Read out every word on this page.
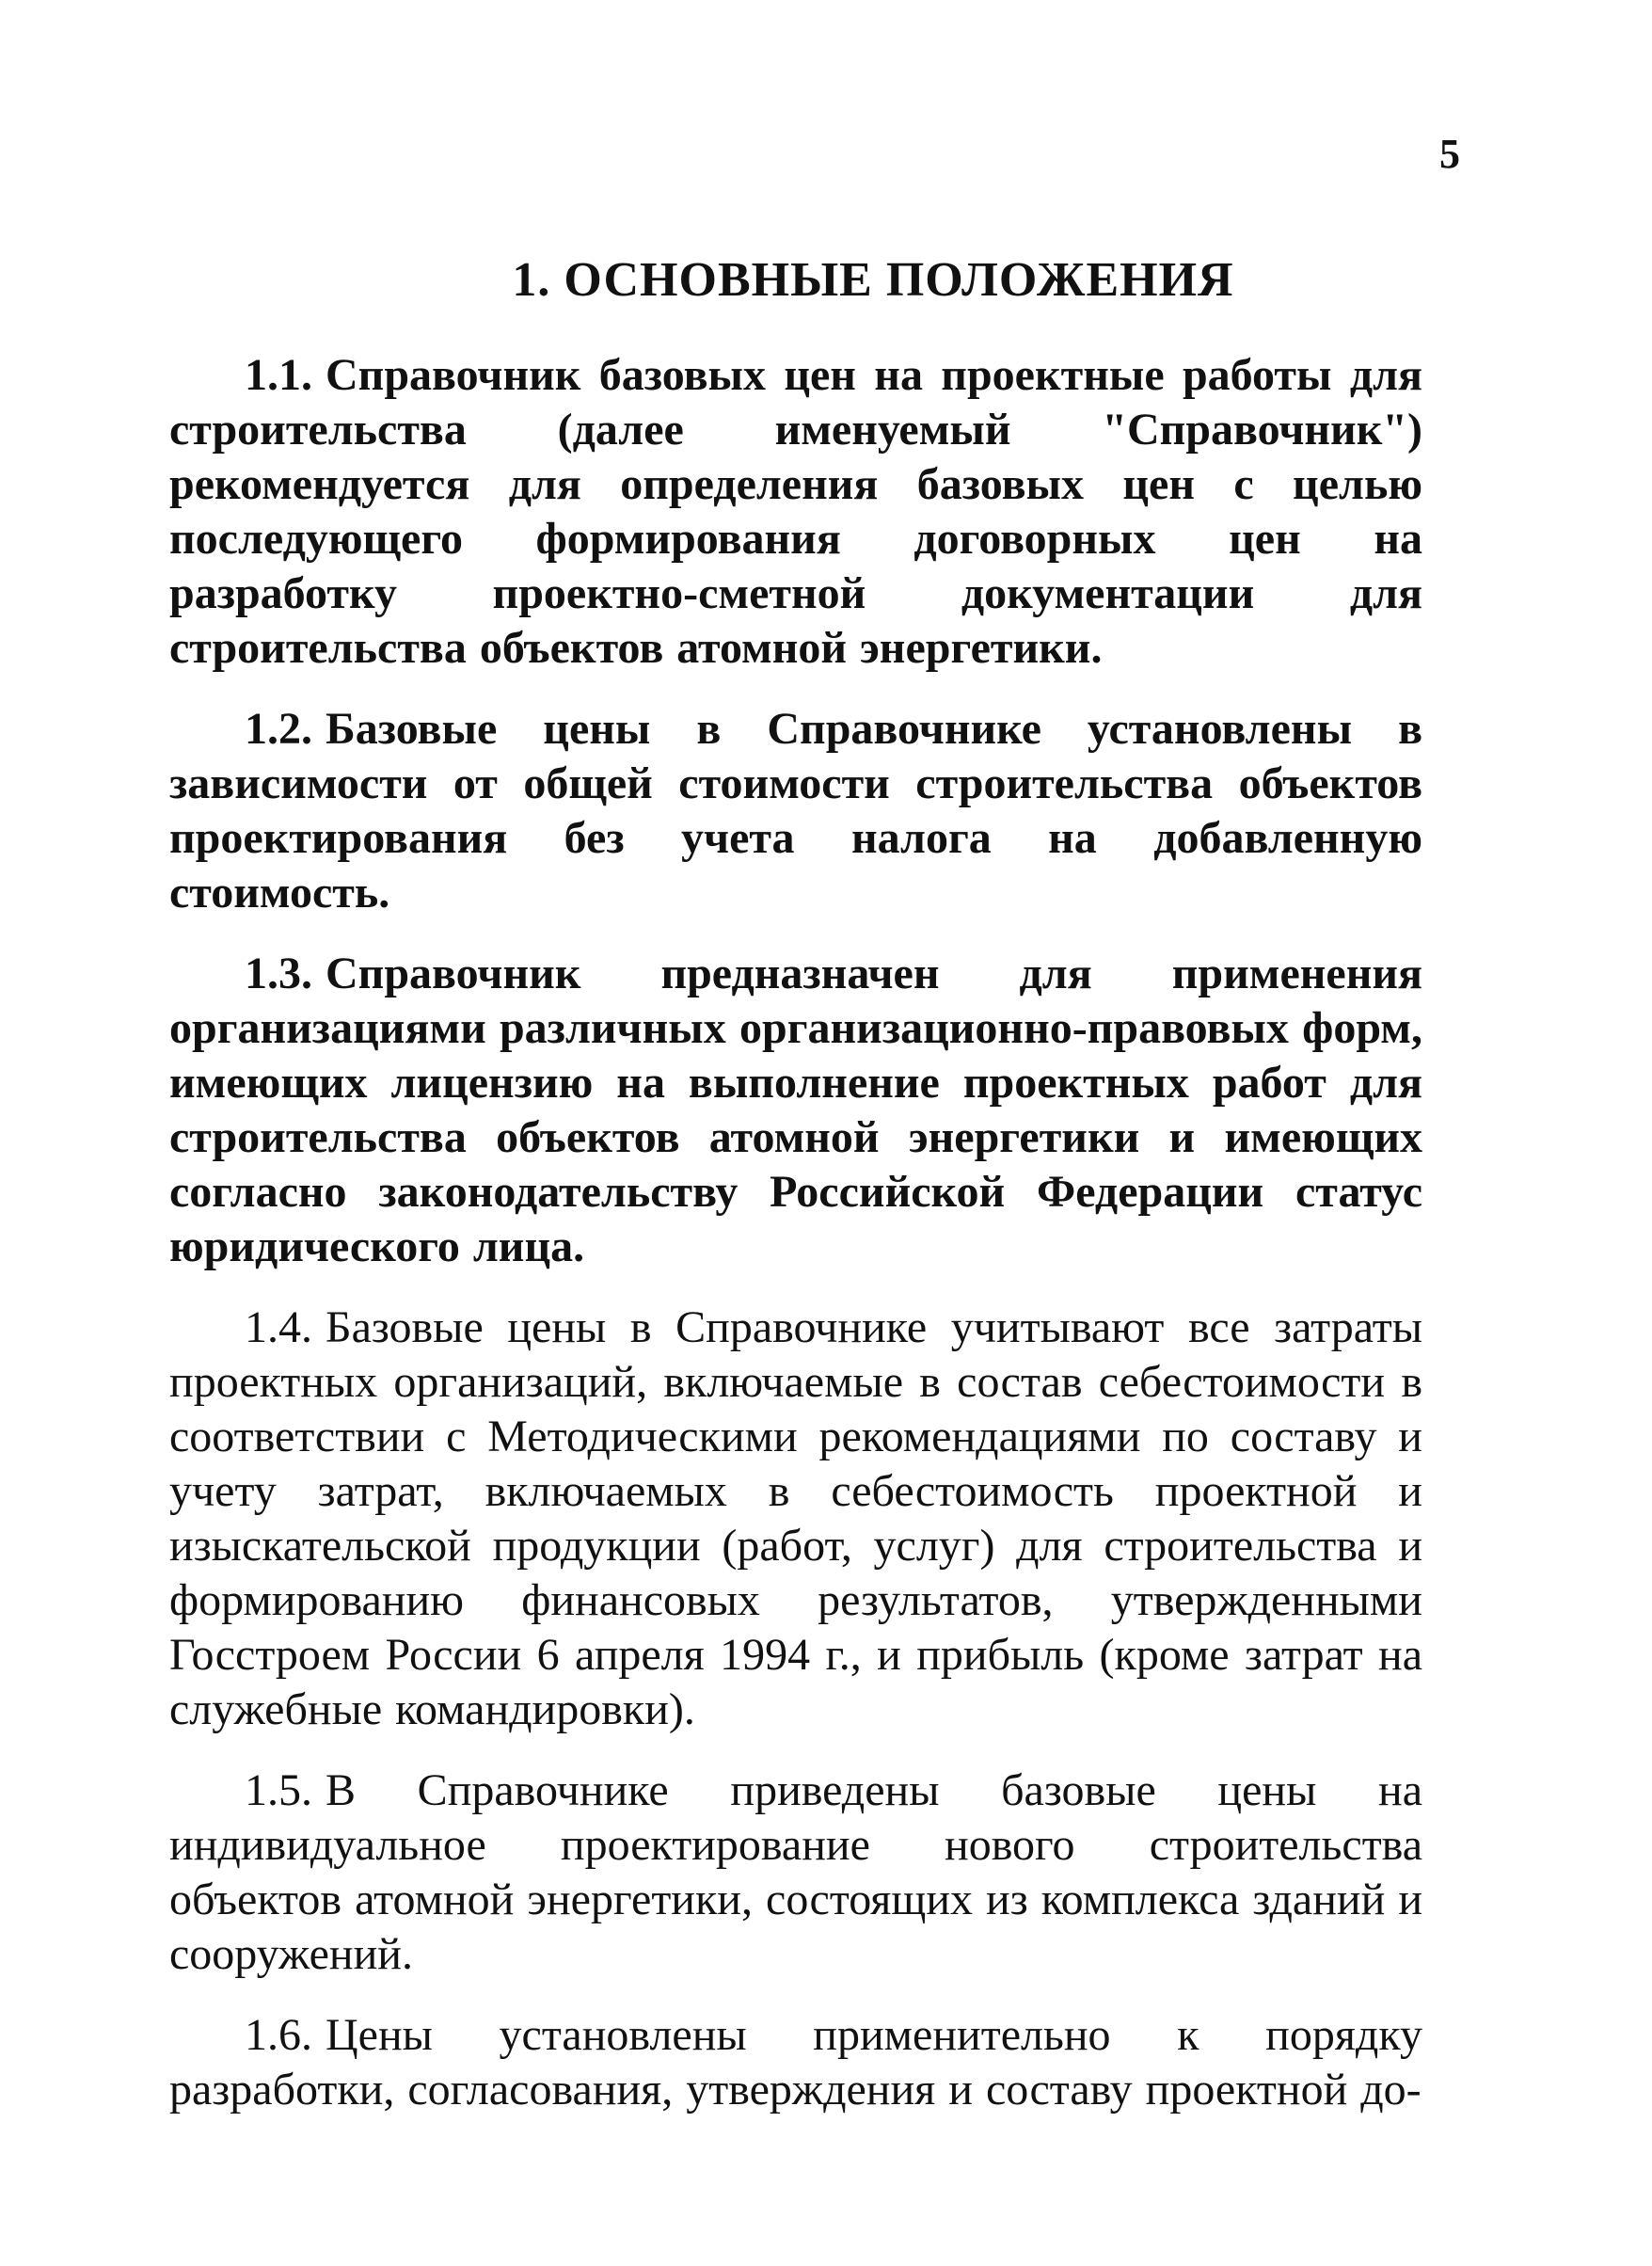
5
1. ОСНОВНЫЕ ПОЛОЖЕНИЯ

1.1. Справочник базовых цен на проектные работы для строительства (далее именуемый "Справочник") рекомендуется для определения базовых цен с целью последующего формирования договорных цен на разработку проектно-сметной документации для строительства объектов атомной энергетики.

1.2. Базовые цены в Справочнике установлены в зависимости от общей стоимости строительства объектов проектирования без учета налога на добавленную стоимость.

1.3. Справочник предназначен для применения организациями различных организационно-правовых форм, имеющих лицензию на выполнение проектных работ для строительства объектов атомной энергетики и имеющих согласно законодательству Российской Федерации статус юридического лица.

1.4. Базовые цены в Справочнике учитывают все затраты проектных организаций, включаемые в состав себестоимости в соответствии с Методическими рекомендациями по составу и учету затрат, включаемых в себестоимость проектной и изыскательской продукции (работ, услуг) для строительства и формированию финансовых результатов, утвержденными Госстроем России 6 апреля 1994 г., и прибыль (кроме затрат на служебные командировки).

1.5. В Справочнике приведены базовые цены на индивидуальное проектирование нового строительства объектов атомной энергетики, состоящих из комплекса зданий и сооружений.

1.6. Цены установлены применительно к порядку разработки, согласования, утверждения и составу проектной до-
